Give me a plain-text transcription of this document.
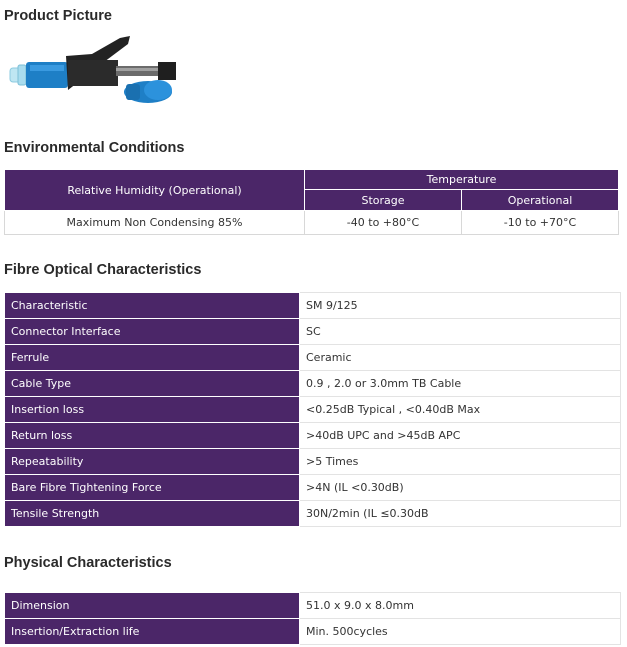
Product Picture
Environmental Conditions
Relative Humidity (Operational)	Temperature	
	Storage	Operational
Maximum Non Condensing 85%	-40 to +80°C	-10 to +70°C
Fibre Optical Characteristics
Characteristic	SM 9/125
Connector Interface	SC
Ferrule	Ceramic
Cable Type	0.9 , 2.0 or 3.0mm TB Cable
Insertion loss	<0.25dB Typical , <0.40dB Max
Return loss	>40dB UPC and >45dB APC
Repeatability	>5 Times
Bare Fibre Tightening Force	>4N (IL <0.30dB)
Tensile Strength	30N/2min (IL ≤0.30dB
Physical Characteristics
Dimension	51.0 x 9.0 x 8.0mm
Insertion/Extraction life	Min. 500cycles
